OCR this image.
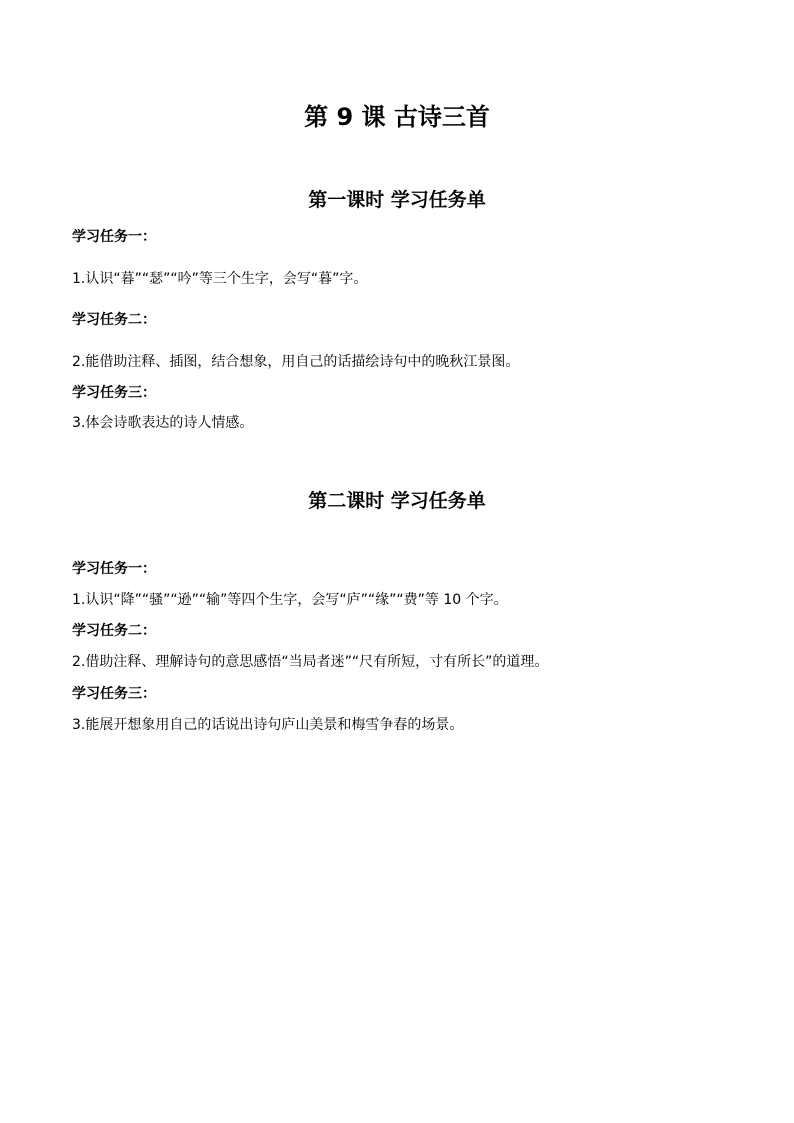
第 9 课 古诗三首
第一课时 学习任务单

学习任务一：

1.认识“暮”“瑟”“吟”等三个生字，会写“暮”字。

学习任务二：

2.能借助注释、插图，结合想象，用自己的话描绘诗句中的晚秋江景图。

学习任务三：

3.体会诗歌表达的诗人情感。

第二课时 学习任务单

学习任务一：

1.认识“降”“骚”“逊”“输”等四个生字，会写“庐”“缘”“费”等 10 个字。

学习任务二：

2.借助注释、理解诗句的意思感悟“当局者迷”“尺有所短，寸有所长”的道理。

学习任务三：

3.能展开想象用自己的话说出诗句庐山美景和梅雪争春的场景。
